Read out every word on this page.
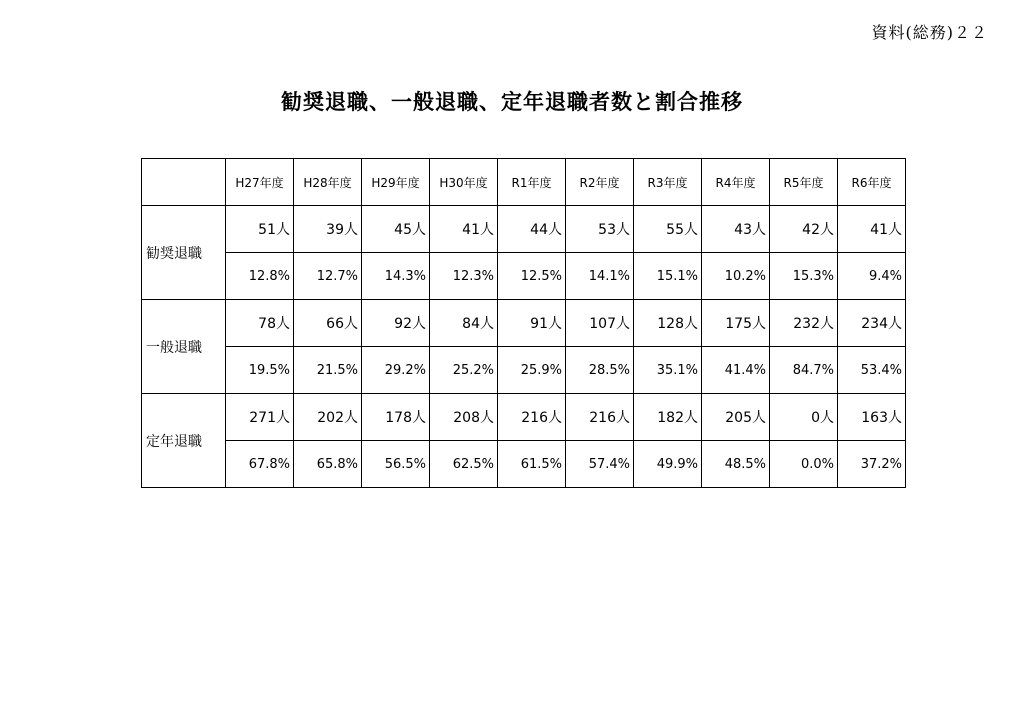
資料(総務)２２
勧奨退職、一般退職、定年退職者数と割合推移
	H27年度	H28年度	H29年度	H30年度	R1年度	R2年度	R3年度	R4年度	R5年度	R6年度
勧奨退職	51人	39人	45人	41人	44人	53人	55人	43人	42人	41人
	12.8%	12.7%	14.3%	12.3%	12.5%	14.1%	15.1%	10.2%	15.3%	9.4%
一般退職	78人	66人	92人	84人	91人	107人	128人	175人	232人	234人
	19.5%	21.5%	29.2%	25.2%	25.9%	28.5%	35.1%	41.4%	84.7%	53.4%
定年退職	271人	202人	178人	208人	216人	216人	182人	205人	0人	163人
	67.8%	65.8%	56.5%	62.5%	61.5%	57.4%	49.9%	48.5%	0.0%	37.2%
